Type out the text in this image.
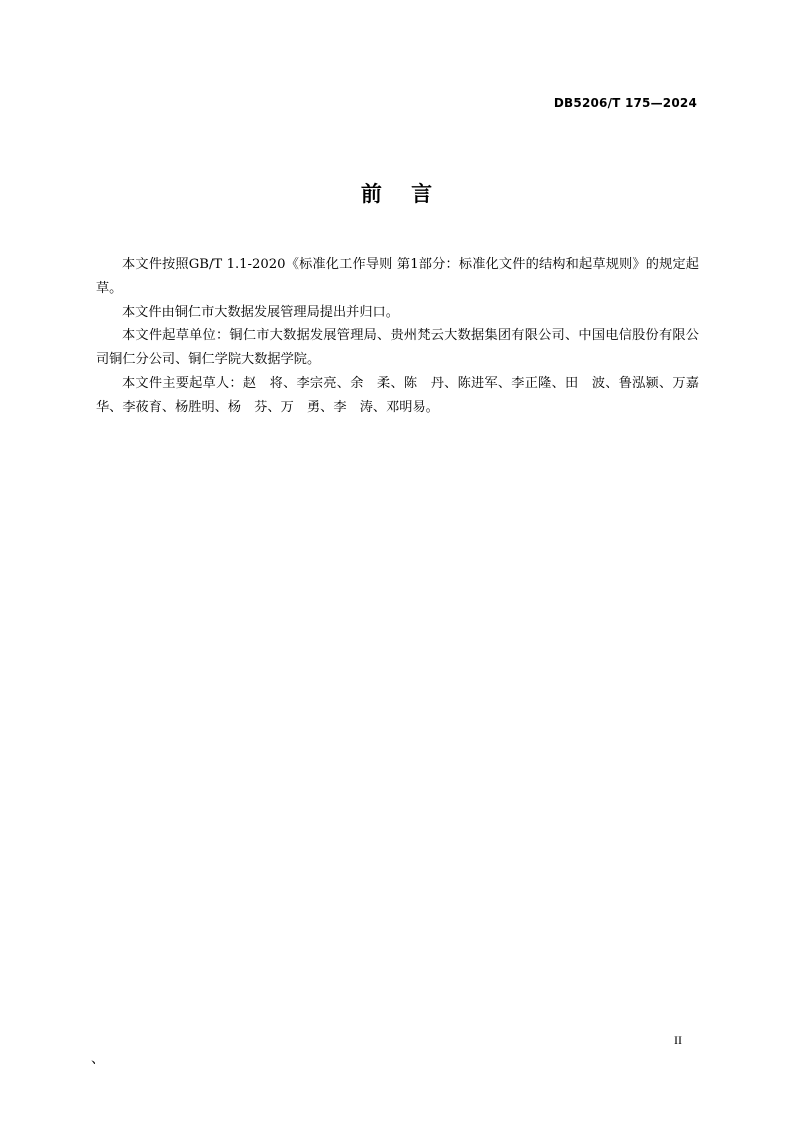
DB5206/T 175—2024
前    言

本文件按照GB/T 1.1-2020《标准化工作导则 第1部分：标准化文件的结构和起草规则》的规定起草。

本文件由铜仁市大数据发展管理局提出并归口。

本文件起草单位：铜仁市大数据发展管理局、贵州梵云大数据集团有限公司、中国电信股份有限公司铜仁分公司、铜仁学院大数据学院。

本文件主要起草人：赵　将、李宗亮、余　柔、陈　丹、陈进军、李正隆、田　波、鲁泓颍、万嘉华、李莜育、杨胜明、杨　芬、万　勇、李　涛、邓明易。

II
、
